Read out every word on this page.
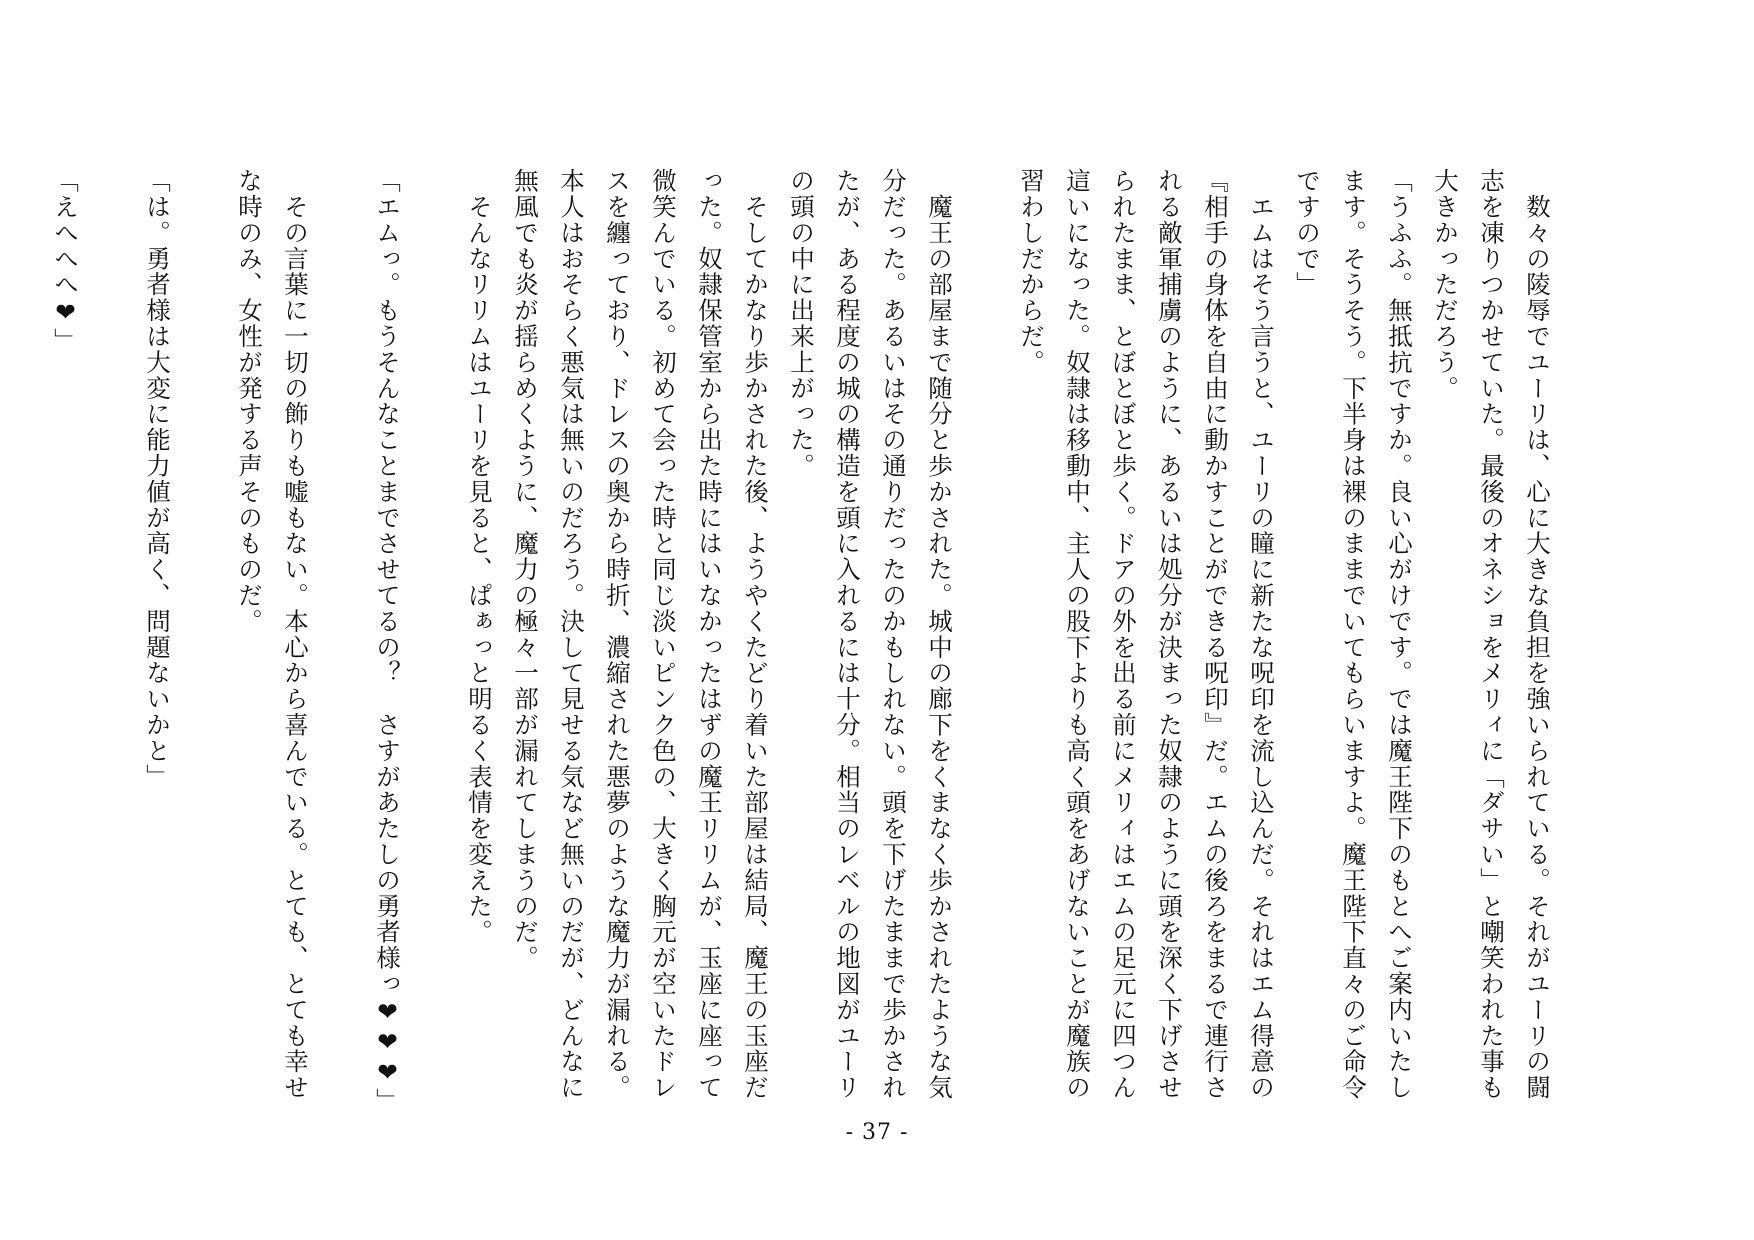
　数々の陵辱でユーリは、心に大きな負担を強いられている。それがユーリの闘志を凍りつかせていた。最後のオネショをメリィに「ダサい」と嘲笑われた事も大きかっただろう。

「うふふ。無抵抗ですか。良い心がけです。では魔王陛下のもとへご案内いたします。そうそう。下半身は裸のままでいてもらいますよ。魔王陛下直々のご命令ですので」

　エムはそう言うと、ユーリの瞳に新たな呪印を流し込んだ。それはエム得意の『相手の身体を自由に動かすことができる呪印』だ。エムの後ろをまるで連行される敵軍捕虜のように、あるいは処分が決まった奴隷のように頭を深く下げさせられたまま、とぼとぼと歩く。ドアの外を出る前にメリィはエムの足元に四つん這いになった。奴隷は移動中、主人の股下よりも高く頭をあげないことが魔族の習わしだからだ。

　魔王の部屋まで随分と歩かされた。城中の廊下をくまなく歩かされたような気分だった。あるいはその通りだったのかもしれない。頭を下げたままで歩かされたが、ある程度の城の構造を頭に入れるには十分。相当のレベルの地図がユーリの頭の中に出来上がった。

　そしてかなり歩かされた後、ようやくたどり着いた部屋は結局、魔王の玉座だった。奴隷保管室から出た時にはいなかったはずの魔王リリムが、玉座に座って微笑んでいる。初めて会った時と同じ淡いピンク色の、大きく胸元が空いたドレスを纏っており、ドレスの奥から時折、濃縮された悪夢のような魔力が漏れる。本人はおそらく悪気は無いのだろう。決して見せる気など無いのだが、どんなに無風でも炎が揺らめくように、魔力の極々一部が漏れてしまうのだ。

　そんなリリムはユーリを見ると、ぱぁっと明るく表情を変えた。

「エムっ。もうそんなことまでさせてるの？　さすがあたしの勇者様っ❤❤❤」

　その言葉に一切の飾りも嘘もない。本心から喜んでいる。とても、とても幸せな時のみ、女性が発する声そのものだ。

「は。勇者様は大変に能力値が高く、問題ないかと」

「えへへへ❤」

- 37 -
